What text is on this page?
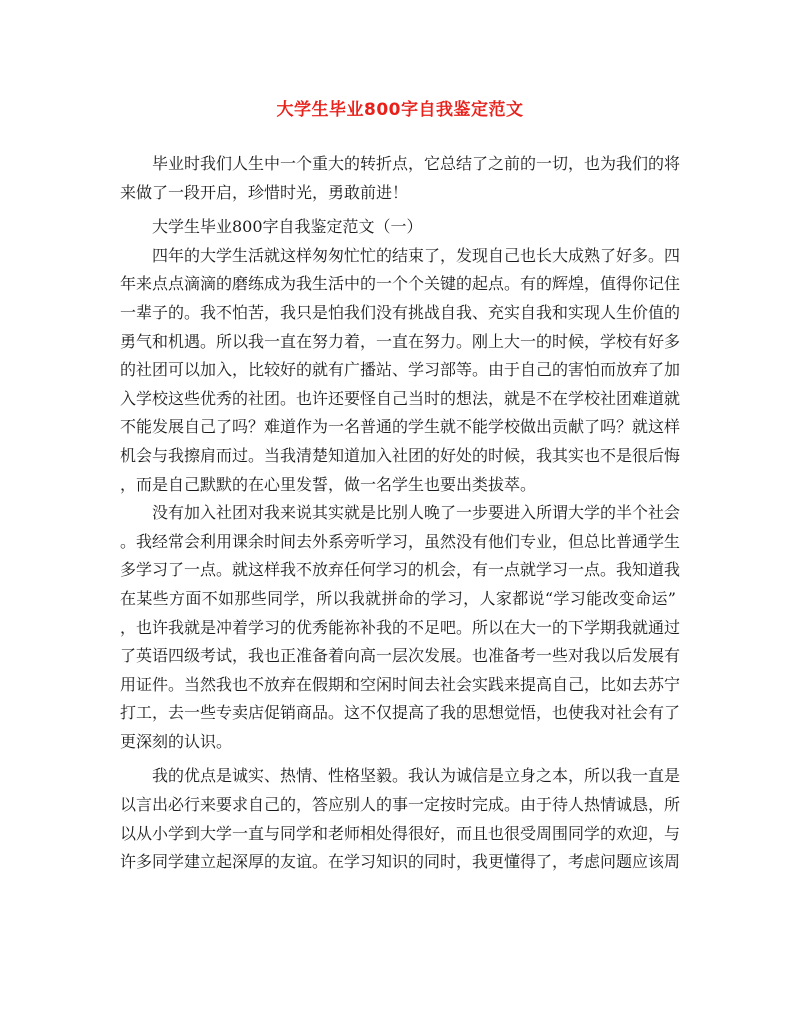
大学生毕业800字自我鉴定范文
毕业时我们人生中一个重大的转折点，它总结了之前的一切，也为我们的将
来做了一段开启，珍惜时光，勇敢前进！
大学生毕业800字自我鉴定范文（一）
四年的大学生活就这样匆匆忙忙的结束了，发现自己也长大成熟了好多。四
年来点点滴滴的磨练成为我生活中的一个个关键的起点。有的辉煌，值得你记住
一辈子的。我不怕苦，我只是怕我们没有挑战自我、充实自我和实现人生价值的
勇气和机遇。所以我一直在努力着，一直在努力。刚上大一的时候，学校有好多
的社团可以加入，比较好的就有广播站、学习部等。由于自己的害怕而放弃了加
入学校这些优秀的社团。也许还要怪自己当时的想法，就是不在学校社团难道就
不能发展自己了吗？难道作为一名普通的学生就不能学校做出贡献了吗？就这样
机会与我擦肩而过。当我清楚知道加入社团的好处的时候，我其实也不是很后悔
，而是自己默默的在心里发誓，做一名学生也要出类拔萃。
没有加入社团对我来说其实就是比别人晚了一步要进入所谓大学的半个社会
。我经常会利用课余时间去外系旁听学习，虽然没有他们专业，但总比普通学生
多学习了一点。就这样我不放弃任何学习的机会，有一点就学习一点。我知道我
在某些方面不如那些同学，所以我就拼命的学习，人家都说“学习能改变命运”
，也许我就是冲着学习的优秀能祢补我的不足吧。所以在大一的下学期我就通过
了英语四级考试，我也正准备着向高一层次发展。也准备考一些对我以后发展有
用证件。当然我也不放弃在假期和空闲时间去社会实践来提高自己，比如去苏宁
打工，去一些专卖店促销商品。这不仅提高了我的思想觉悟，也使我对社会有了
更深刻的认识。
我的优点是诚实、热情、性格坚毅。我认为诚信是立身之本，所以我一直是
以言出必行来要求自己的，答应别人的事一定按时完成。由于待人热情诚恳，所
以从小学到大学一直与同学和老师相处得很好，而且也很受周围同学的欢迎，与
许多同学建立起深厚的友谊。在学习知识的同时，我更懂得了，考虑问题应该周
